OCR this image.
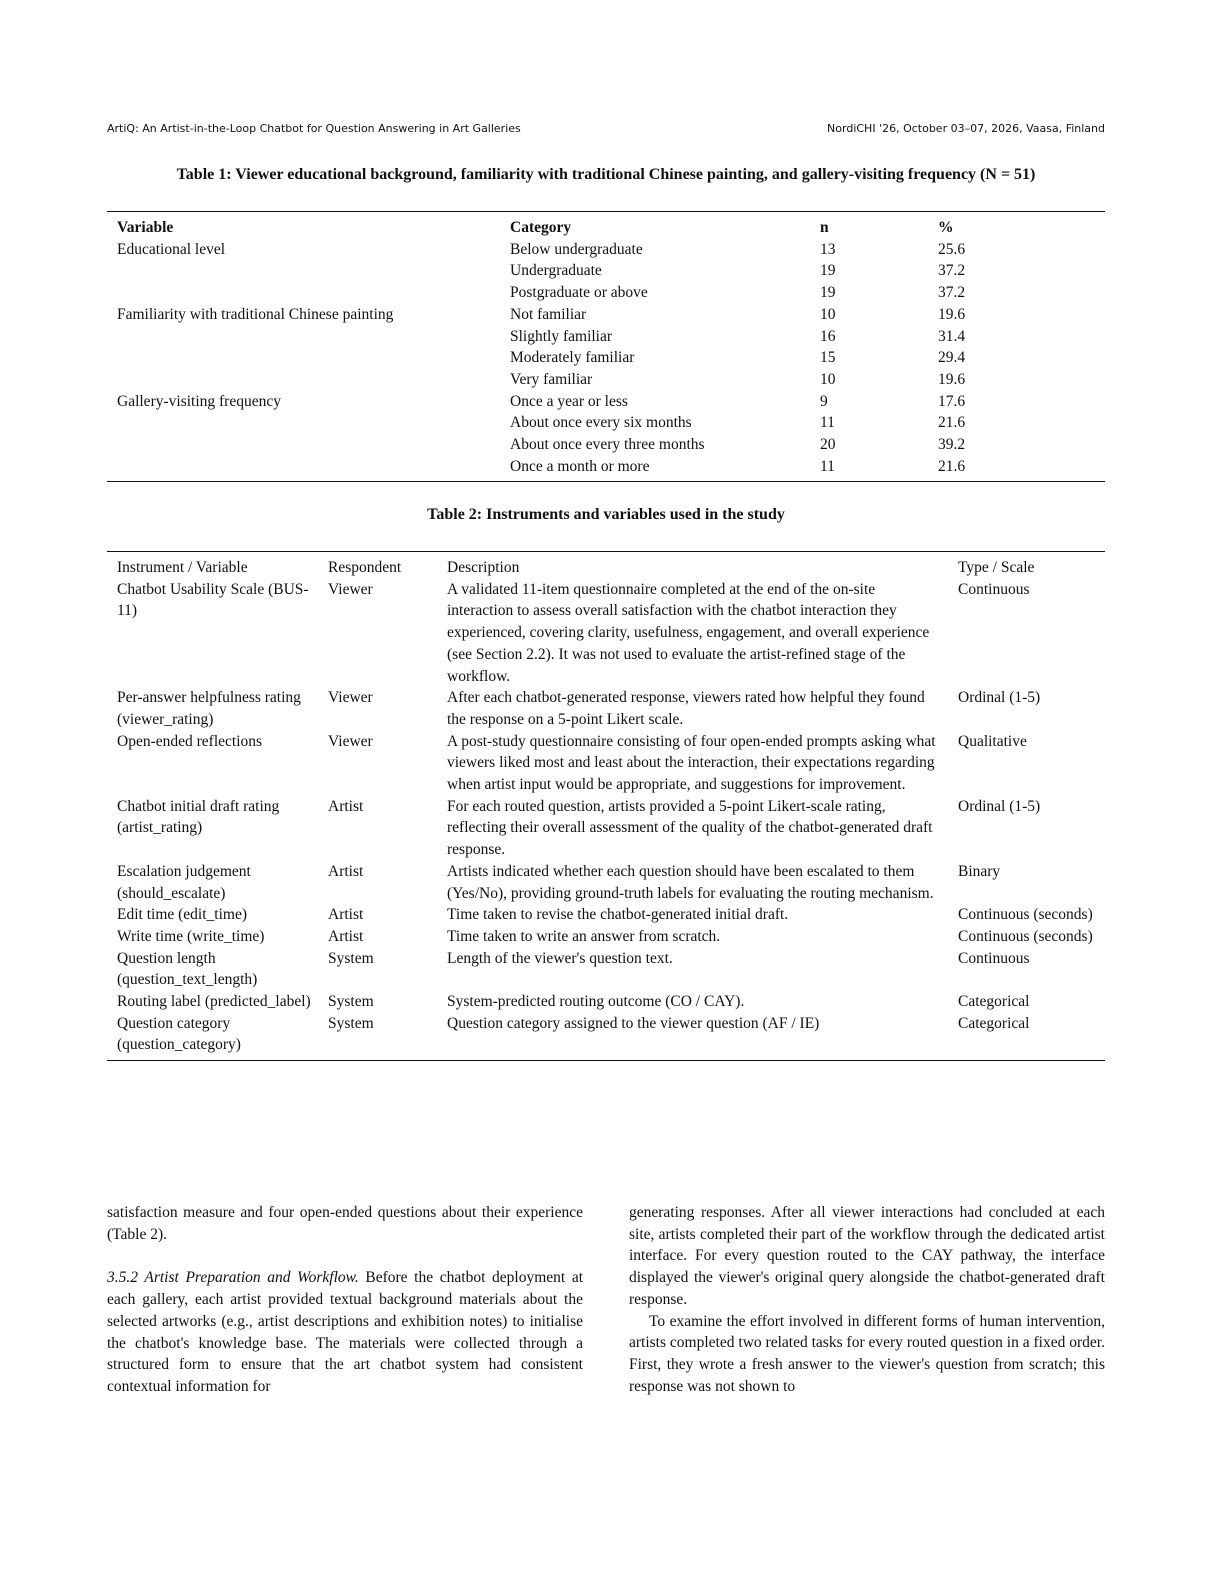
ArtiQ: An Artist-in-the-Loop Chatbot for Question Answering in Art Galleries	NordiCHI '26, October 03–07, 2026, Vaasa, Finland
Table 1: Viewer educational background, familiarity with traditional Chinese painting, and gallery-visiting frequency (N = 51)
Variable	Category	n	%
Educational level	Below undergraduate	13	25.6
	Undergraduate	19	37.2
	Postgraduate or above	19	37.2
Familiarity with traditional Chinese painting	Not familiar	10	19.6
	Slightly familiar	16	31.4
	Moderately familiar	15	29.4
	Very familiar	10	19.6
Gallery-visiting frequency	Once a year or less	9	17.6
	About once every six months	11	21.6
	About once every three months	20	39.2
	Once a month or more	11	21.6
Table 2: Instruments and variables used in the study
Instrument / Variable	Respondent	Description	Type / Scale
Chatbot Usability Scale (BUS-11)	Viewer	A validated 11-item questionnaire completed at the end of the on-site interaction to assess overall satisfaction with the chatbot interaction they experienced, covering clarity, usefulness, engagement, and overall experience (see Section 2.2). It was not used to evaluate the artist-refined stage of the workflow.	Continuous
Per-answer helpfulness rating (viewer_rating)	Viewer	After each chatbot-generated response, viewers rated how helpful they found the response on a 5-point Likert scale.	Ordinal (1-5)
Open-ended reflections	Viewer	A post-study questionnaire consisting of four open-ended prompts asking what viewers liked most and least about the interaction, their expectations regarding when artist input would be appropriate, and suggestions for improvement.	Qualitative
Chatbot initial draft rating (artist_rating)	Artist	For each routed question, artists provided a 5-point Likert-scale rating, reflecting their overall assessment of the quality of the chatbot-generated draft response.	Ordinal (1-5)
Escalation judgement (should_escalate)	Artist	Artists indicated whether each question should have been escalated to them (Yes/No), providing ground-truth labels for evaluating the routing mechanism.	Binary
Edit time (edit_time)	Artist	Time taken to revise the chatbot-generated initial draft.	Continuous (seconds)
Write time (write_time)	Artist	Time taken to write an answer from scratch.	Continuous (seconds)
Question length (question_text_length)	System	Length of the viewer's question text.	Continuous
Routing label (predicted_label)	System	System-predicted routing outcome (CO / CAY).	Categorical
Question category (question_category)	System	Question category assigned to the viewer question (AF / IE)	Categorical

satisfaction measure and four open-ended questions about their experience (Table 2).

3.5.2 Artist Preparation and Workflow. Before the chatbot deployment at each gallery, each artist provided textual background materials about the selected artworks (e.g., artist descriptions and exhibition notes) to initialise the chatbot's knowledge base. The materials were collected through a structured form to ensure that the art chatbot system had consistent contextual information for

generating responses. After all viewer interactions had concluded at each site, artists completed their part of the workflow through the dedicated artist interface. For every question routed to the CAY pathway, the interface displayed the viewer's original query alongside the chatbot-generated draft response.

To examine the effort involved in different forms of human intervention, artists completed two related tasks for every routed question in a fixed order. First, they wrote a fresh answer to the viewer's question from scratch; this response was not shown to
